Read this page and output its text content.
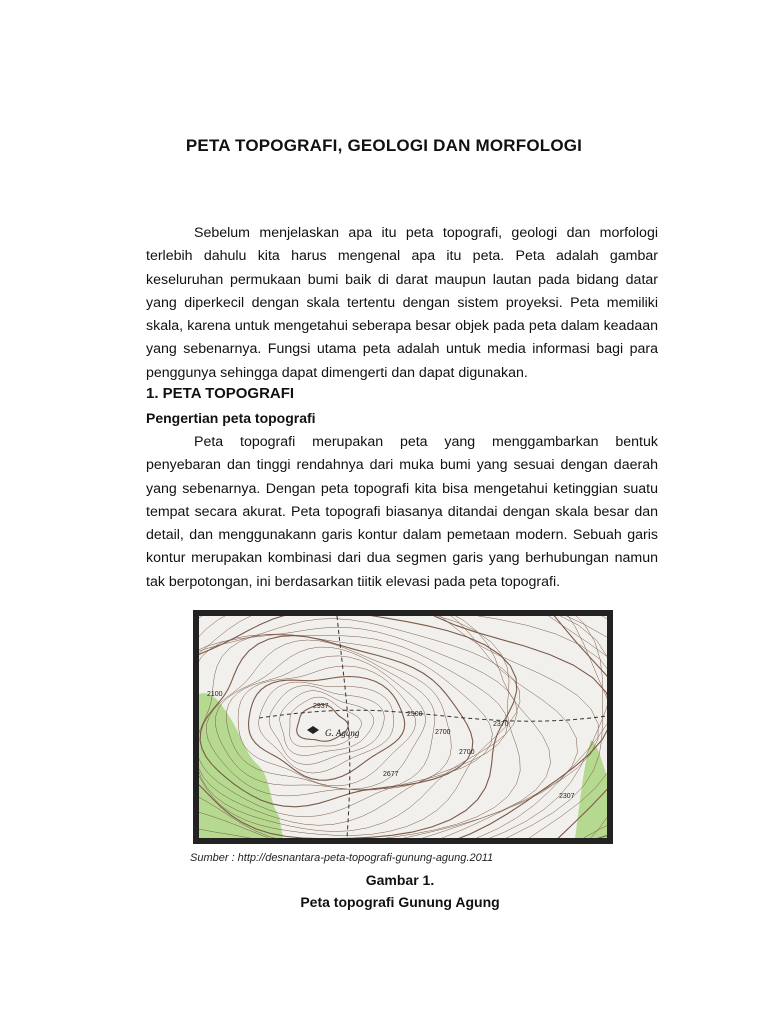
PETA TOPOGRAFI, GEOLOGI DAN MORFOLOGI

Sebelum menjelaskan apa itu peta topografi, geologi dan morfologi terlebih dahulu kita harus mengenal apa itu peta. Peta adalah gambar keseluruhan permukaan bumi baik di darat maupun lautan pada bidang datar yang diperkecil dengan skala tertentu dengan sistem proyeksi. Peta memiliki skala, karena untuk mengetahui seberapa besar objek pada peta dalam keadaan yang sebenarnya. Fungsi utama peta adalah untuk media informasi bagi para penggunya sehingga dapat dimengerti dan dapat digunakan.

1. PETA TOPOGRAFI
Pengertian peta topografi

Peta topografi merupakan peta yang menggambarkan bentuk penyebaran dan tinggi rendahnya dari muka bumi yang sesuai dengan daerah yang sebenarnya. Dengan peta topografi kita bisa mengetahui ketinggian suatu tempat secara akurat. Peta topografi biasanya ditandai dengan skala besar dan detail, dan menggunakann garis kontur dalam pemetaan modern. Sebuah garis kontur merupakan kombinasi dari dua segmen garis yang berhubungan namun tak berpotongan, ini berdasarkan tiitik elevasi pada peta topografi.

2100
2937
2700
2500
2370
2700
2677
2307
G. Agung
Sumber : http://desnantara-peta-topografi-gunung-agung.2011
Gambar 1.
Peta topografi Gunung Agung
